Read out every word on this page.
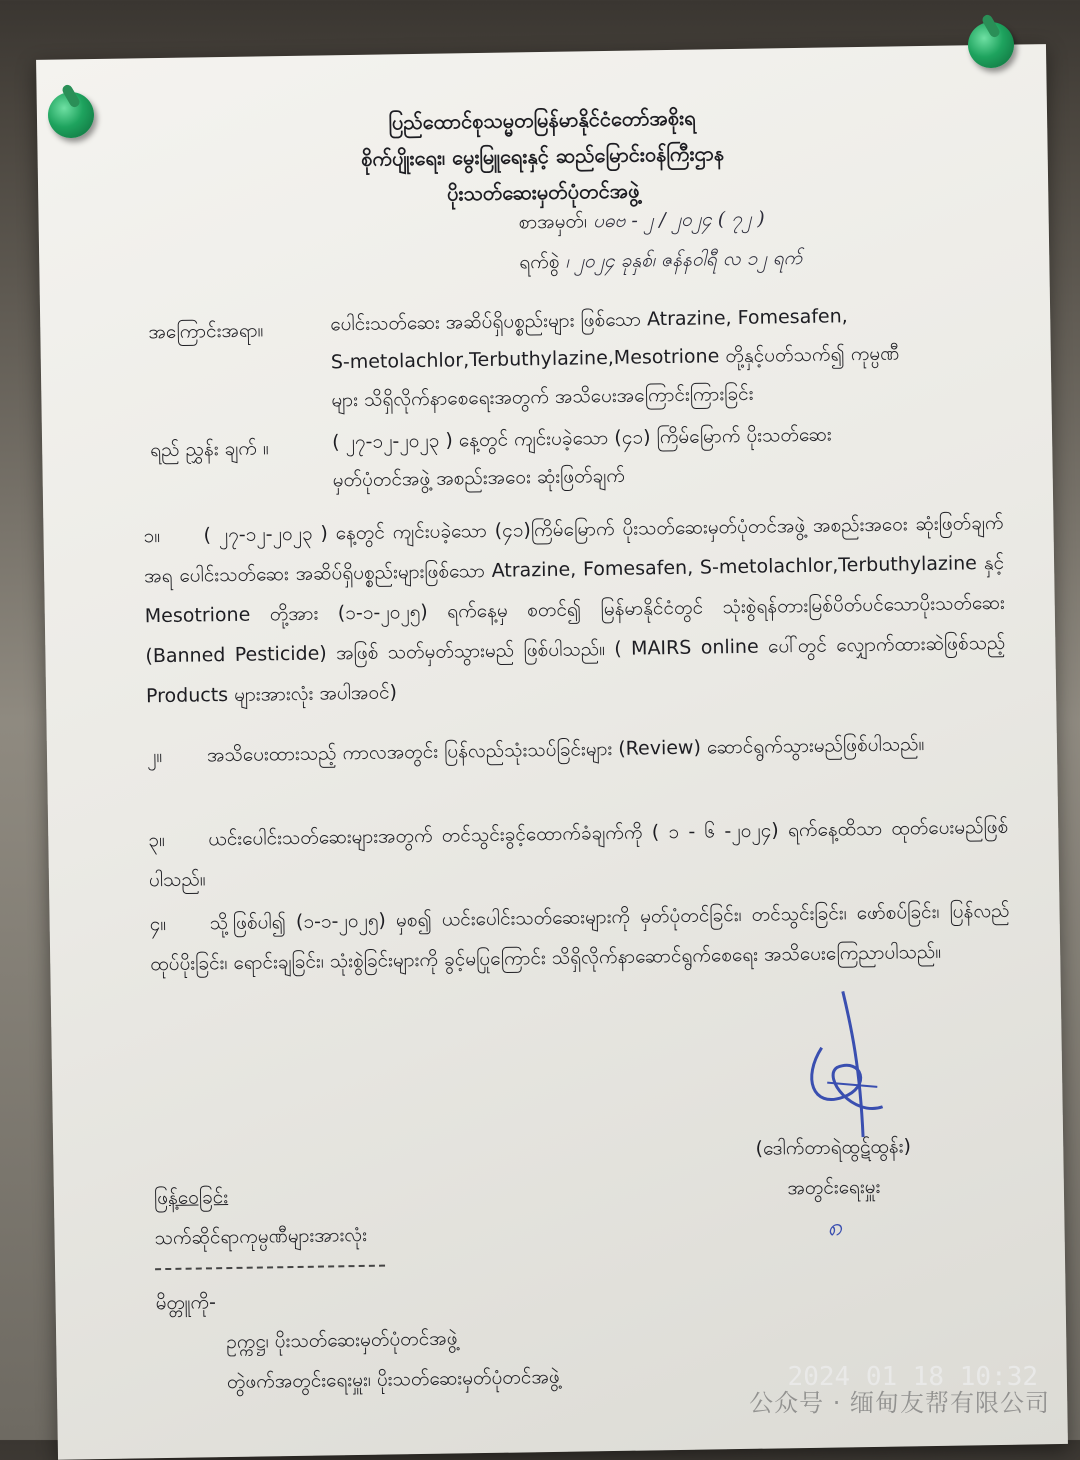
ပြည်ထောင်စုသမ္မတမြန်မာနိုင်ငံတော်အစိုးရ
စိုက်ပျိုးရေး၊ မွေးမြူရေးနှင့် ဆည်မြောင်းဝန်ကြီးဌာန
ပိုးသတ်ဆေးမှတ်ပုံတင်အဖွဲ့
စာအမှတ်၊ ပဓဗ - ၂ / ၂၀၂၄ ( ၇၂ )
ရက်စွဲ ၊ ၂၀၂၄ ခုနှစ်၊ ဇန်နဝါရီ လ ၁၂ ရက်
အကြောင်းအရာ။	ပေါင်းသတ်ဆေး အဆိပ်ရှိပစ္စည်းများ ဖြစ်သော Atrazine, Fomesafen,
S-metolachlor,Terbuthylazine,Mesotrione တို့နှင့်ပတ်သက်၍ ကုမ္ပဏီ
များ သိရှိလိုက်နာစေရေးအတွက် အသိပေးအကြောင်းကြားခြင်း
ရည် ညွှန်း ချက် ။	( ၂၇-၁၂-၂၀၂၃ ) နေ့တွင် ကျင်းပခဲ့သော (၄၁) ကြိမ်မြောက် ပိုးသတ်ဆေး
မှတ်ပုံတင်အဖွဲ့ အစည်းအဝေး ဆုံးဖြတ်ချက်
၁။ ( ၂၇-၁၂-၂၀၂၃ ) နေ့တွင် ကျင်းပခဲ့သော (၄၁)ကြိမ်မြောက် ပိုးသတ်ဆေးမှတ်ပုံတင်အဖွဲ့ အစည်းအဝေး ဆုံးဖြတ်ချက်အရ ပေါင်းသတ်ဆေး အဆိပ်ရှိပစ္စည်းများဖြစ်သော Atrazine, Fomesafen, S-metolachlor,Terbuthylazine နှင့် Mesotrione တို့အား (၁-၁-၂၀၂၅) ရက်နေ့မှ စတင်၍ မြန်မာနိုင်ငံတွင် သုံးစွဲရန်တားမြစ်ပိတ်ပင်သောပိုးသတ်ဆေး (Banned Pesticide) အဖြစ် သတ်မှတ်သွားမည် ဖြစ်ပါသည်။ ( MAIRS online ပေါ်တွင် လျှောက်ထားဆဲဖြစ်သည့် Products များအားလုံး အပါအဝင်)
၂။ အသိပေးထားသည့် ကာလအတွင်း ပြန်လည်သုံးသပ်ခြင်းများ (Review) ဆောင်ရွက်သွားမည်ဖြစ်ပါသည်။
၃။ ယင်းပေါင်းသတ်ဆေးများအတွက် တင်သွင်းခွင့်ထောက်ခံချက်ကို ( ၁ - ၆ -၂၀၂၄) ရက်နေ့ထိသာ ထုတ်ပေးမည်ဖြစ်ပါသည်။
၄။ သို့ဖြစ်ပါ၍ (၁-၁-၂၀၂၅) မှစ၍ ယင်းပေါင်းသတ်ဆေးများကို မှတ်ပုံတင်ခြင်း၊ တင်သွင်းခြင်း၊ ဖော်စပ်ခြင်း၊ ပြန်လည်ထုပ်ပိုးခြင်း၊ ရောင်းချခြင်း၊ သုံးစွဲခြင်းများကို ခွင့်မပြုကြောင်း သိရှိလိုက်နာဆောင်ရွက်စေရေး အသိပေးကြေညာပါသည်။
(ဒေါက်တာရဲထွဋ်ထွန်း)
အတွင်းရေးမှူး
၈
ဖြန့်ဝေခြင်း
သက်ဆိုင်ရာကုမ္ပဏီများအားလုံး
မိတ္တူကို-
ဥက္ကဋ္ဌ၊ ပိုးသတ်ဆေးမှတ်ပုံတင်အဖွဲ့
တွဲဖက်အတွင်းရေးမှူး၊ ပိုးသတ်ဆေးမှတ်ပုံတင်အဖွဲ့	2024 01 18 10:32
公众号 · 缅甸友帮有限公司
